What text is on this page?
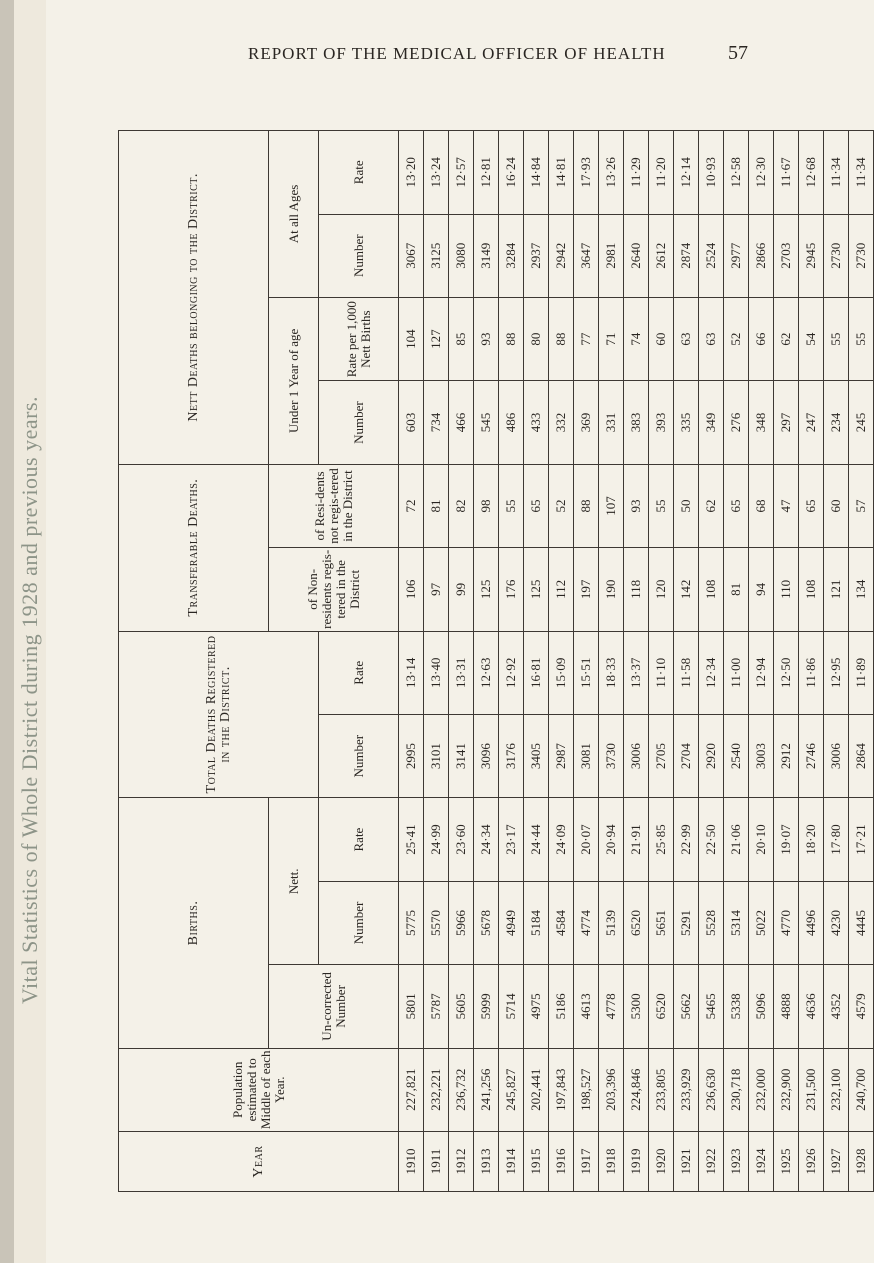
Vital Statistics of Whole District during 1928 and previous years.
REPORT OF THE MEDICAL OFFICER OF HEALTH	57
Year	Population estimated to Middle of each Year.	Births.			Total Deaths Registered in the District.		Transferable Deaths.		Nett Deaths belonging to the District.			
		Un-corrected Number	Nett.				of Non-residents regis-tered in the District	of Resi-dents not regis-tered in the District	Under 1 Year of age		At all Ages	
			Number	Rate	Number	Rate			Number	Rate per 1,000 Nett Births	Number	Rate
1910	227,821	5801	5775	25·41	2995	13·14	106	72	603	104	3067	13·20
1911	232,221	5787	5570	24·99	3101	13·40	97	81	734	127	3125	13·24
1912	236,732	5605	5966	23·60	3141	13·31	99	82	466	85	3080	12·57
1913	241,256	5999	5678	24·34	3096	12·63	125	98	545	93	3149	12·81
1914	245,827	5714	4949	23·17	3176	12·92	176	55	486	88	3284	16·24
1915	202,441	4975	5184	24·44	3405	16·81	125	65	433	80	2937	14·84
1916	197,843	5186	4584	24·09	2987	15·09	112	52	332	88	2942	14·81
1917	198,527	4613	4774	20·07	3081	15·51	197	88	369	77	3647	17·93
1918	203,396	4778	5139	20·94	3730	18·33	190	107	331	71	2981	13·26
1919	224,846	5300	6520	21·91	3006	13·37	118	93	383	74	2640	11·29
1920	233,805	6520	5651	25·85	2705	11·10	120	55	393	60	2612	11·20
1921	233,929	5662	5291	22·99	2704	11·58	142	50	335	63	2874	12·14
1922	236,630	5465	5528	22·50	2920	12·34	108	62	349	63	2524	10·93
1923	230,718	5338	5314	21·06	2540	11·00	81	65	276	52	2977	12·58
1924	232,000	5096	5022	20·10	3003	12·94	94	68	348	66	2866	12·30
1925	232,900	4888	4770	19·07	2912	12·50	110	47	297	62	2703	11·67
1926	231,500	4636	4496	18·20	2746	11·86	108	65	247	54	2945	12·68
1927	232,100	4352	4230	17·80	3006	12·95	121	60	234	55	2730	11·34
1928	240,700	4579	4445	17·21	2864	11·89	134	57	245	55	2730	11·34
